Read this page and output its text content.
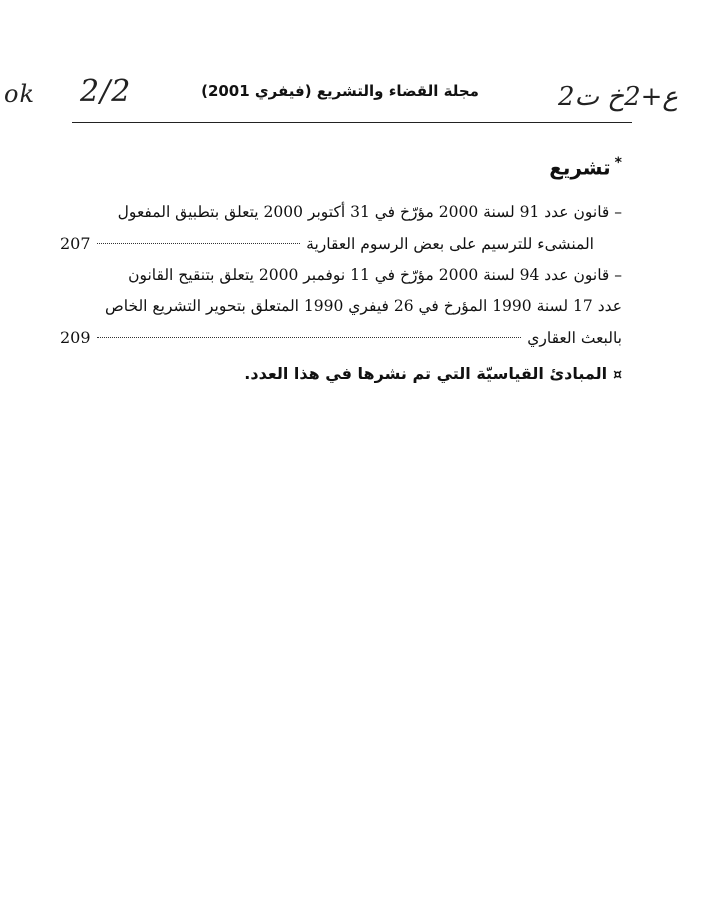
ok 2/2	2ع+2خ ت
مجلة القضاء والتشريع (فيفري 2001)
*تشريع
– قانون عدد 91 لسنة 2000 مؤرّخ في 31 أكتوبر 2000 يتعلق بتطبيق المفعول
المنشىء للترسيم على بعض الرسوم العقارية
207
– قانون عدد 94 لسنة 2000 مؤرّخ في 11 نوفمبر 2000 يتعلق بتنقيح القانون
عدد 17 لسنة 1990 المؤرخ في 26 فيفري 1990 المتعلق بتحوير التشريع الخاص
بالبعث العقاري
209
¤المبادئ القياسيّة التي تم نشرها في هذا العدد.
